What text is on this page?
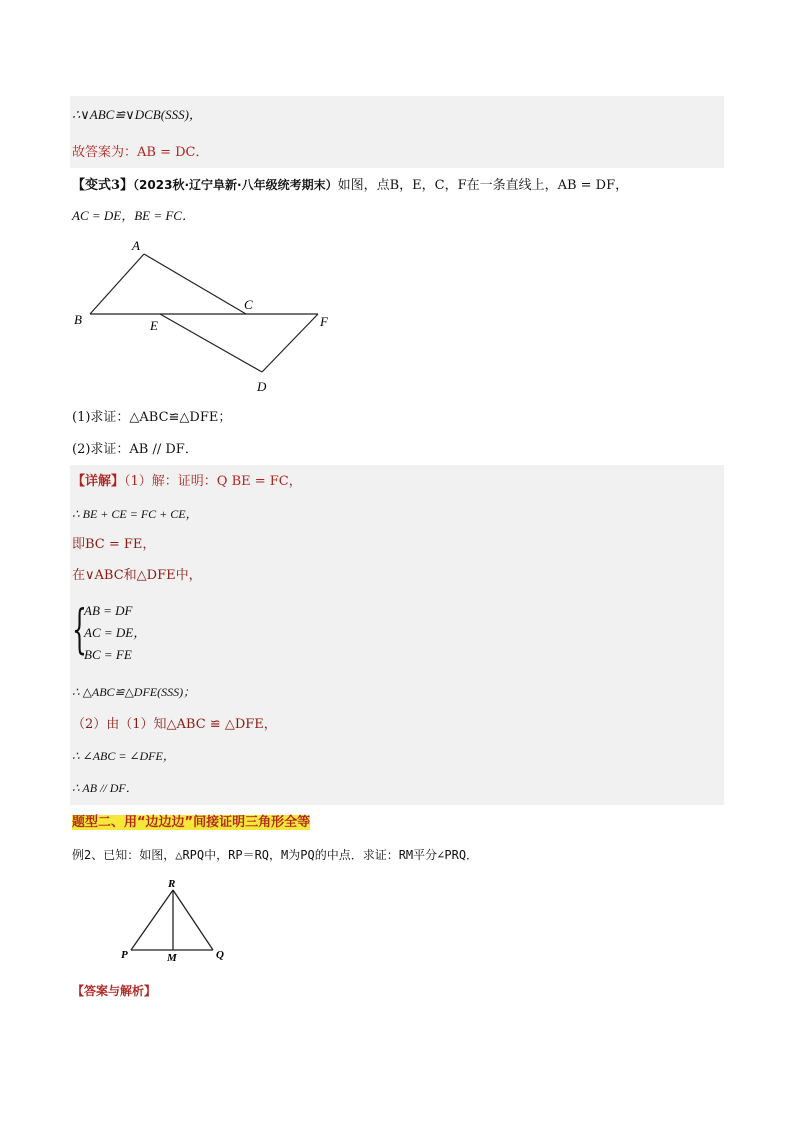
∴∨ABC≌∨DCB(SSS)，
故答案为：AB = DC．
【变式3】（2023秋·辽宁阜新·八年级统考期末）如图，点B，E，C，F在一条直线上，AB = DF，
AC = DE，BE = FC．
A
B
C
D
E	F
R
P	Q
M
(1)求证：△ABC≌△DFE；
(2)求证：AB // DF．
【详解】（1）解：证明：Q BE = FC，
∴ BE + CE = FC + CE，
即BC = FE，
在∨ABC和△DFE中，
{
AB = DF
AC = DE，
BC = FE
∴ △ABC≌△DFE(SSS)；
（2）由（1）知△ABC ≌ △DFE，
∴ ∠ABC = ∠DFE，
∴ AB // DF．
题型二、用“边边边”间接证明三角形全等
例2、已知：如图，△RPQ中，RP＝RQ，M为PQ的中点．求证：RM平分∠PRQ．
【答案与解析】
